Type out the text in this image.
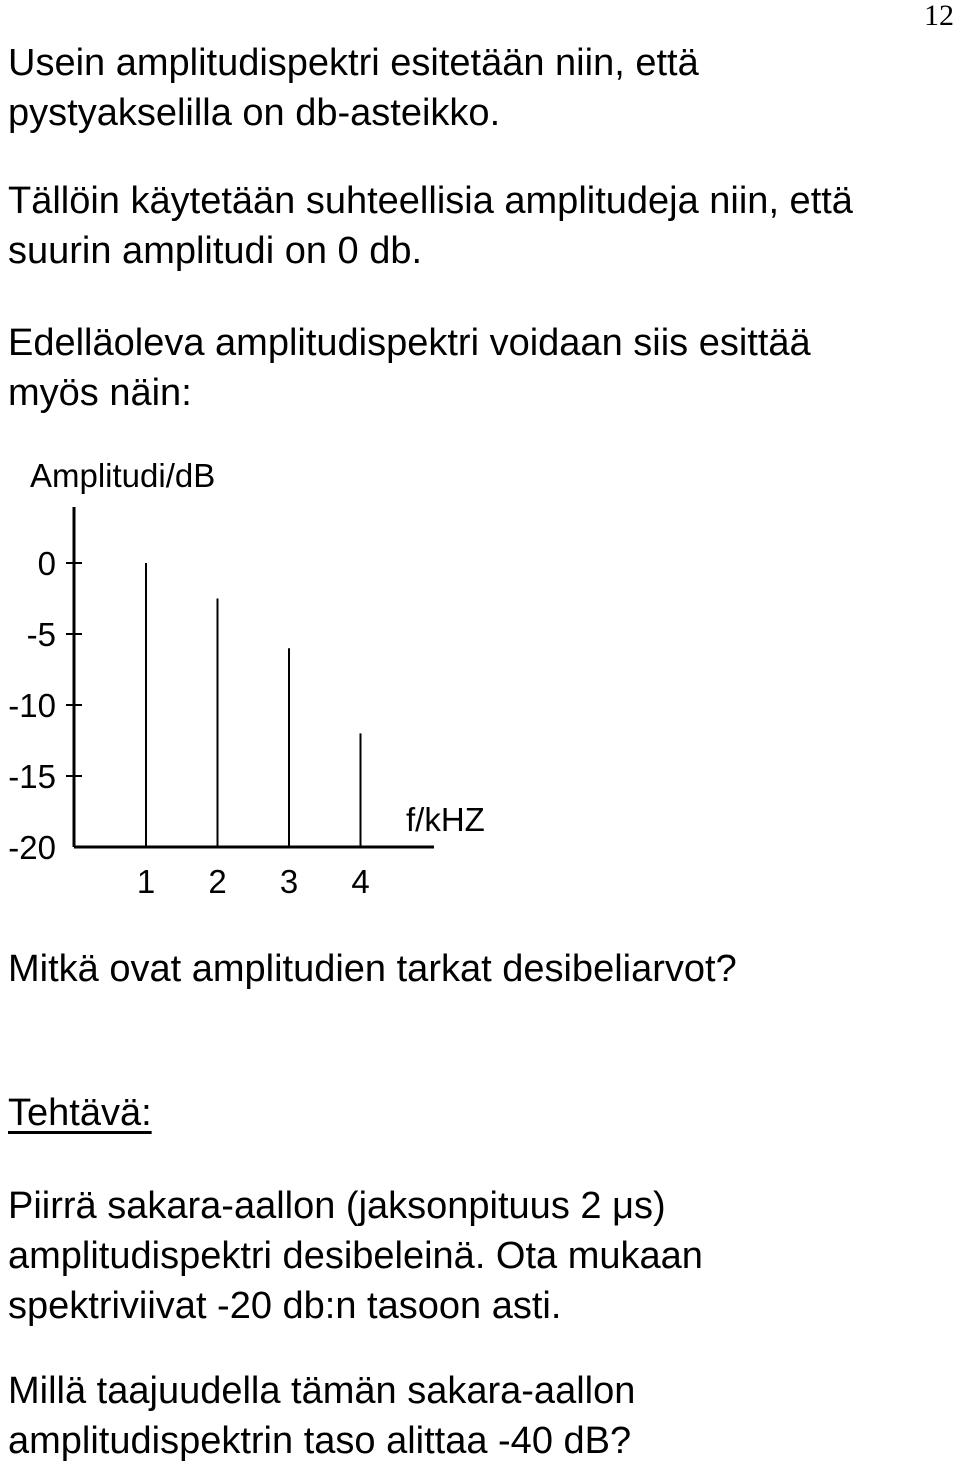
12
Usein amplitudispektri esitetään niin, että
pystyakselilla on db-asteikko.
Tällöin käytetään suhteellisia amplitudeja niin, että
suurin amplitudi on 0 db.
Edelläoleva amplitudispektri voidaan siis esittää
myös näin:
Amplitudi/dB
0
-5
-10
-15
-20
1 2 3 4
f/kHZ
Mitkä ovat amplitudien tarkat desibeliarvot?
Tehtävä:
Piirrä sakara-aallon (jaksonpituus 2 μs)
amplitudispektri desibeleinä. Ota mukaan
spektriviivat -20 db:n tasoon asti.
Millä taajuudella tämän sakara-aallon
amplitudispektrin taso alittaa -40 dB?
